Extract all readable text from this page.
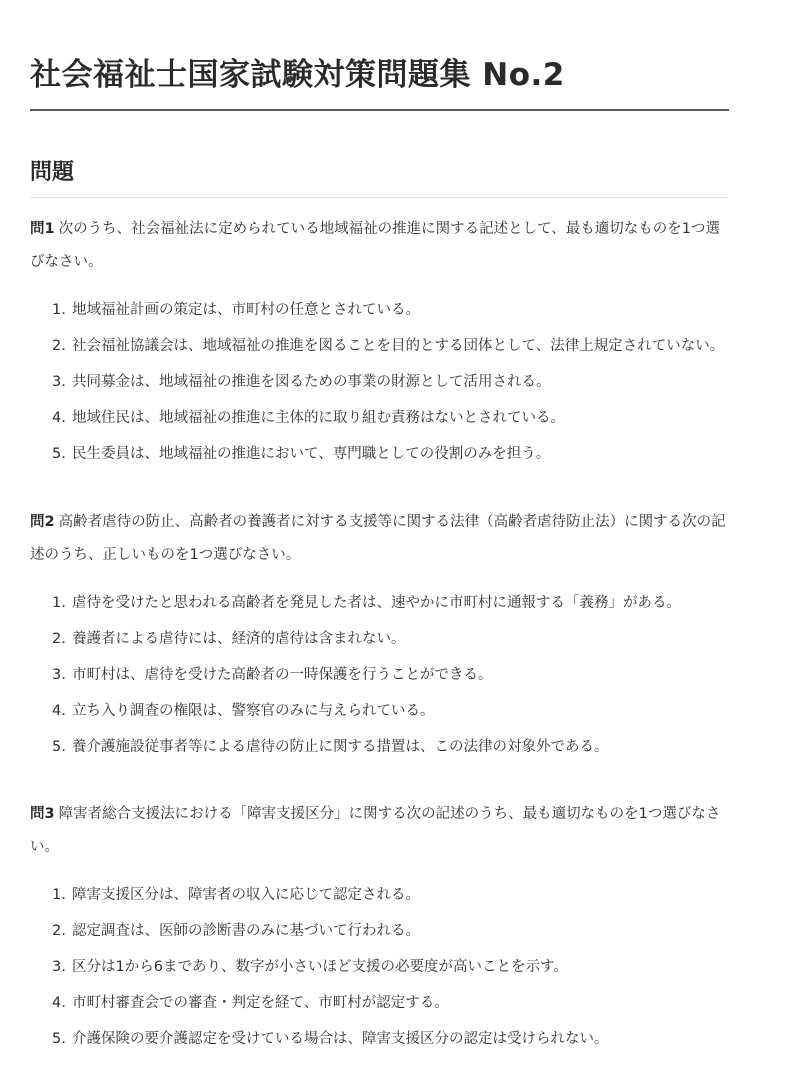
社会福祉士国家試験対策問題集 No.2
問題

問1 次のうち、社会福祉法に定められている地域福祉の推進に関する記述として、最も適切なものを1つ選びなさい。

1. 地域福祉計画の策定は、市町村の任意とされている。
2. 社会福祉協議会は、地域福祉の推進を図ることを目的とする団体として、法律上規定されていない。
3. 共同募金は、地域福祉の推進を図るための事業の財源として活用される。
4. 地域住民は、地域福祉の推進に主体的に取り組む責務はないとされている。
5. 民生委員は、地域福祉の推進において、専門職としての役割のみを担う。

問2 高齢者虐待の防止、高齢者の養護者に対する支援等に関する法律（高齢者虐待防止法）に関する次の記述のうち、正しいものを1つ選びなさい。

1. 虐待を受けたと思われる高齢者を発見した者は、速やかに市町村に通報する「義務」がある。
2. 養護者による虐待には、経済的虐待は含まれない。
3. 市町村は、虐待を受けた高齢者の一時保護を行うことができる。
4. 立ち入り調査の権限は、警察官のみに与えられている。
5. 養介護施設従事者等による虐待の防止に関する措置は、この法律の対象外である。

問3 障害者総合支援法における「障害支援区分」に関する次の記述のうち、最も適切なものを1つ選びなさい。

1. 障害支援区分は、障害者の収入に応じて認定される。
2. 認定調査は、医師の診断書のみに基づいて行われる。
3. 区分は1から6まであり、数字が小さいほど支援の必要度が高いことを示す。
4. 市町村審査会での審査・判定を経て、市町村が認定する。
5. 介護保険の要介護認定を受けている場合は、障害支援区分の認定は受けられない。
